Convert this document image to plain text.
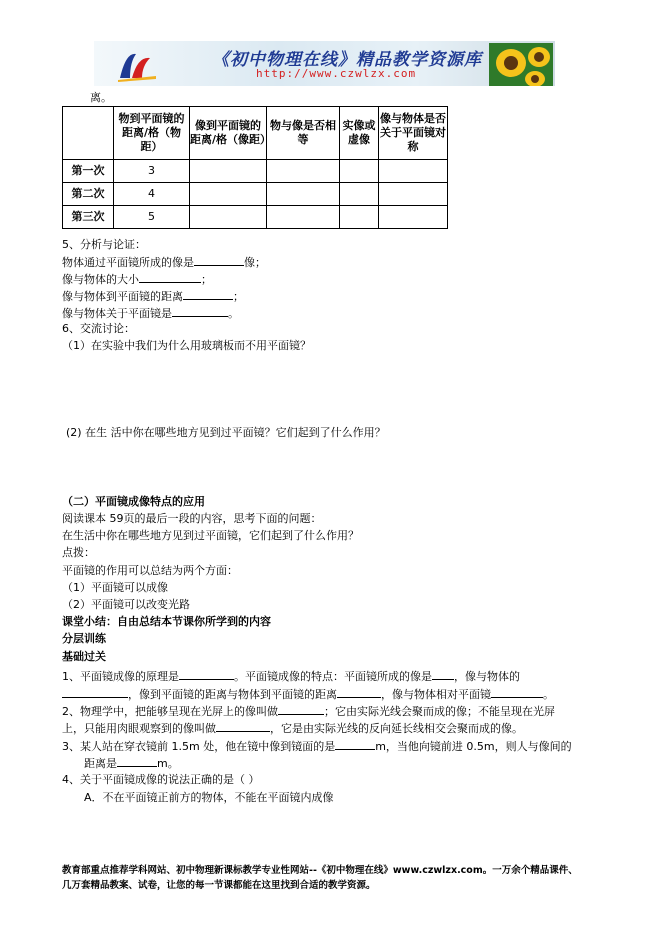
《初中物理在线》精品教学资源库
http://www.czwlzx.com
离。
	物到平面镜的距离/格（物距）	像到平面镜的距离/格（像距）	物与像是否相等	实像或虚像	像与物体是否关于平面镜对称
第一次	3				
第二次	4				
第三次	5				
5、分析与论证：
物体通过平面镜所成的像是	像；
像与物体的大小	；
像与物体到平面镜的距离	；
像与物体关于平面镜是	。
6、交流讨论：
（1）在实验中我们为什么用玻璃板而不用平面镜？
(2) 在生 活中你在哪些地方见到过平面镜？它们起到了什么作用？
（二）平面镜成像特点的应用
阅读课本 59页的最后一段的内容，思考下面的问题：
在生活中你在哪些地方见到过平面镜，它们起到了什么作用？
点拨：
平面镜的作用可以总结为两个方面：
（1）平面镜可以成像
（2）平面镜可以改变光路
课堂小结：自由总结本节课你所学到的内容
分层训练
基础过关
1、平面镜成像的原理是	。平面镜成像的特点：平面镜所成的像是 ，像与物体的
，像到平面镜的距离与物体到平面镜的距离	，像与物体相对平面镜	。
2、物理学中，把能够呈现在光屏上的像叫做	；它由实际光线会聚而成的像；不能呈现在光屏
上，只能用肉眼观察到的像叫做	，它是由实际光线的反向延长线相交会聚而成的像。
3、某人站在穿衣镜前 1.5m 处，他在镜中像到镜面的是	m，当他向镜前进 0.5m，则人与像间的
距离是	m。
4、关于平面镜成像的说法正确的是（ ）
A．不在平面镜正前方的物体，不能在平面镜内成像
教育部重点推荐学科网站、初中物理新课标教学专业性网站--《初中物理在线》www.czwlzx.com。一万余个精品课件、
几万套精品教案、试卷，让您的每一节课都能在这里找到合适的教学资源。
